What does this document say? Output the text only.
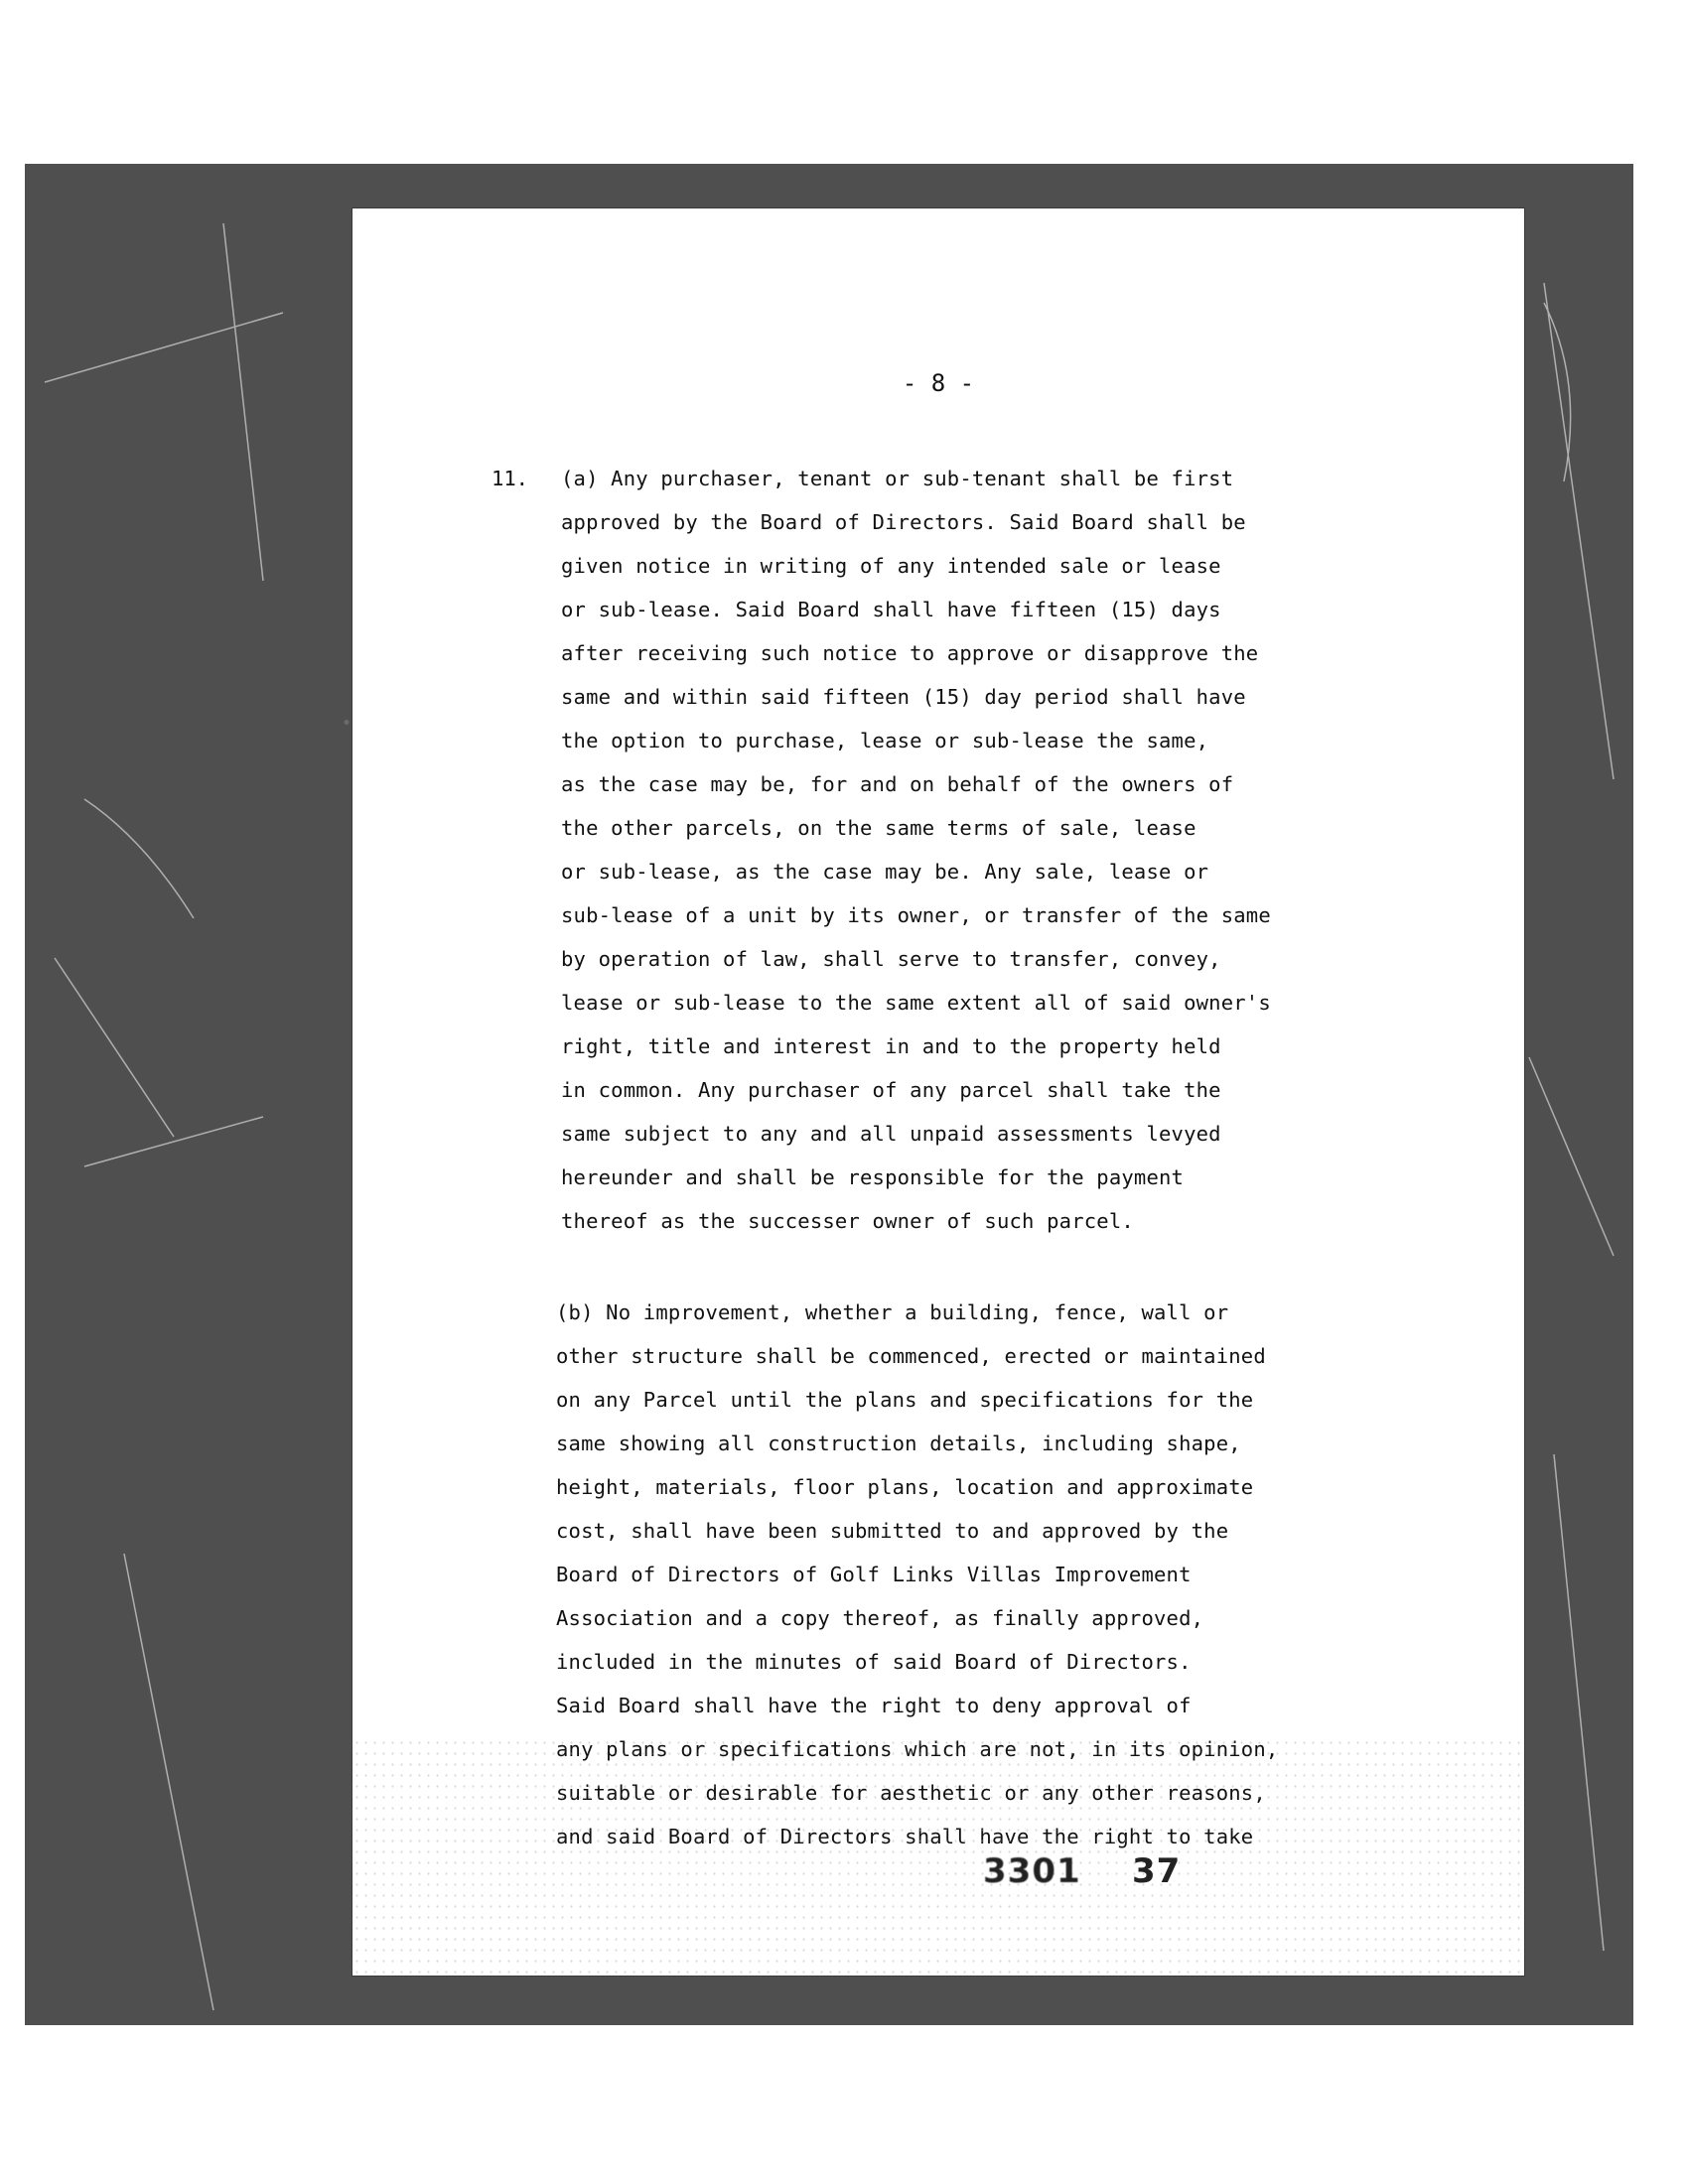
- 8 -
11. (a) Any purchaser, tenant or sub-tenant shall be first
approved by the Board of Directors. Said Board shall be
given notice in writing of any intended sale or lease
or sub-lease. Said Board shall have fifteen (15) days
after receiving such notice to approve or disapprove the
same and within said fifteen (15) day period shall have
the option to purchase, lease or sub-lease the same,
as the case may be, for and on behalf of the owners of
the other parcels, on the same terms of sale, lease
or sub-lease, as the case may be. Any sale, lease or
sub-lease of a unit by its owner, or transfer of the same
by operation of law, shall serve to transfer, convey,
lease or sub-lease to the same extent all of said owner's
right, title and interest in and to the property held
in common. Any purchaser of any parcel shall take the
same subject to any and all unpaid assessments levyed
hereunder and shall be responsible for the payment
thereof as the successer owner of such parcel.
(b) No improvement, whether a building, fence, wall or
other structure shall be commenced, erected or maintained
on any Parcel until the plans and specifications for the
same showing all construction details, including shape,
height, materials, floor plans, location and approximate
cost, shall have been submitted to and approved by the
Board of Directors of Golf Links Villas Improvement
Association and a copy thereof, as finally approved,
included in the minutes of said Board of Directors.
Said Board shall have the right to deny approval of
any plans or specifications which are not, in its opinion,
suitable or desirable for aesthetic or any other reasons,
and said Board of Directors shall have the right to take
3301 37
